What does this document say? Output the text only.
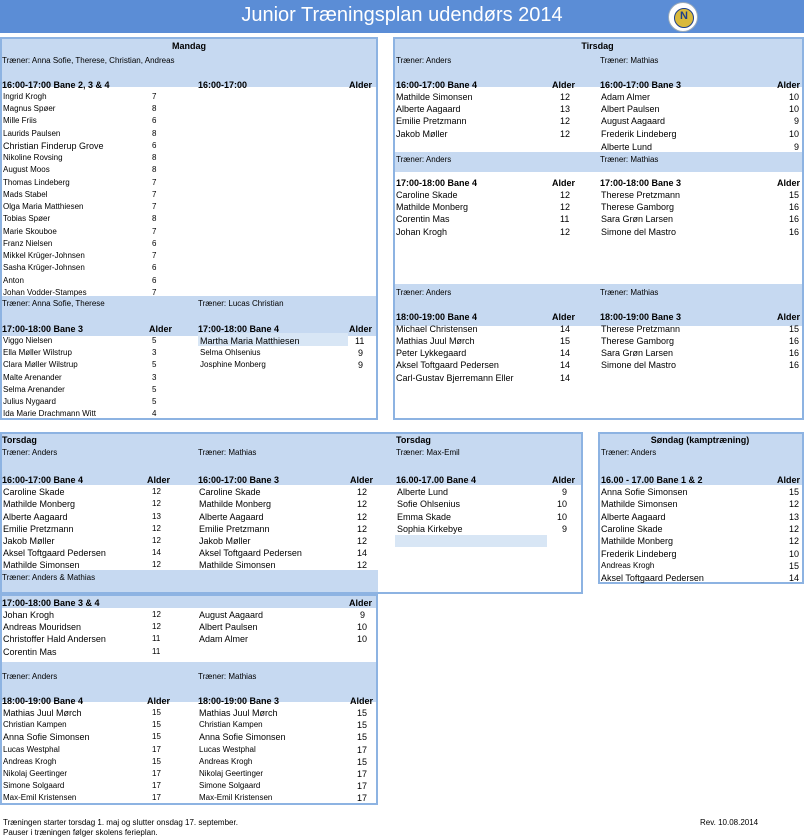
Junior Træningsplan udendørs 2014	N
Mandag
Træner: Anna Sofie, Therese, Christian, Andreas
16:00-17:00 Bane 2, 3 & 4	16:00-17:00	Alder
Ingrid Krogh	7
Magnus Spøer	8
Mille Friis	6
Laurids Paulsen	8
Christian Finderup Grove	6
Nikoline Rovsing	8
August Moos	8
Thomas Lindeberg	7
Mads Stabel	7
Olga Maria Matthiesen	7
Tobias Spøer	8
Marie Skouboe	7
Franz Nielsen	6
Mikkel Krüger-Johnsen	7
Sasha Krüger-Johnsen	6
Anton	6
Johan Vodder-Stampes	7
Træner: Anna Sofie, Therese	Træner: Lucas Christian
17:00-18:00 Bane 3	Alder	17:00-18:00 Bane 4	Alder
Viggo Nielsen	5
Ella Møller Wilstrup	3
Clara Møller Wilstrup	5
Malte Arenander	3
Selma Arenander	5
Julius Nygaard	5
Ida Marie Drachmann Witt	4
Martha Maria Matthiesen	11
Selma Ohlsenius	9
Josphine Monberg	9
Tirsdag
Træner: Anders	Træner: Mathias
16:00-17:00 Bane 4	Alder	16:00-17:00 Bane 3	Alder
Mathilde Simonsen	12
Alberte Aagaard	13
Emilie Pretzmann	12
Jakob Møller	12
Adam Almer	10
Albert Paulsen	10
August Aagaard	9
Frederik Lindeberg	10
Alberte Lund	9
Træner: Anders	Træner: Mathias
17:00-18:00 Bane 4	Alder	17:00-18:00 Bane 3	Alder
Caroline Skade	12
Mathilde Monberg	12
Corentin Mas	11
Johan Krogh	12
Therese Pretzmann	15
Therese Gamborg	16
Sara Grøn Larsen	16
Simone del Mastro	16
Træner: Anders	Træner: Mathias
18:00-19:00 Bane 4	Alder	18:00-19:00 Bane 3	Alder
Michael Christensen	14
Mathias Juul Mørch	15
Peter Lykkegaard	14
Aksel Toftgaard Pedersen	14
Carl-Gustav Bjerremann Eller	14
Therese Pretzmann	15
Therese Gamborg	16
Sara Grøn Larsen	16
Simone del Mastro	16
Torsdag	Torsdag
Træner: Anders	Træner: Mathias	Træner: Max-Emil
16:00-17:00 Bane 4	Alder	16:00-17:00 Bane 3	Alder	16.00-17.00 Bane 4	Alder
Caroline Skade	12
Mathilde Monberg	12
Alberte Aagaard	13
Emilie Pretzmann	12
Jakob Møller	12
Aksel Toftgaard Pedersen	14
Mathilde Simonsen	12
Caroline Skade	12
Mathilde Monberg	12
Alberte Aagaard	12
Emilie Pretzmann	12
Jakob Møller	12
Aksel Toftgaard Pedersen	14
Mathilde Simonsen	12
Alberte Lund	9
Sofie Ohlsenius	10
Emma Skade	10
Sophia Kirkebye	9
Træner: Anders & Mathias
Søndag (kamptræning)
Træner: Anders
16.00 - 17.00 Bane 1 & 2	Alder
Anna Sofie Simonsen	15
Mathilde Simonsen	12
Alberte Aagaard	13
Caroline Skade	12
Mathilde Monberg	12
Frederik Lindeberg	10
Andreas Krogh	15
Aksel Toftgaard Pedersen	14
17:00-18:00 Bane 3 & 4	Alder
Johan Krogh	12
Andreas Mouridsen	12
Christoffer Hald Andersen	11
Corentin Mas	11
August Aagaard	9
Albert Paulsen	10
Adam Almer	10
Træner: Anders	Træner: Mathias
18:00-19:00 Bane 4	Alder	18:00-19:00 Bane 3	Alder
Mathias Juul Mørch	15
Christian Kampen	15
Anna Sofie Simonsen	15
Lucas Westphal	17
Andreas Krogh	15
Nikolaj Geertinger	17
Simone Solgaard	17
Max-Emil Kristensen	17
Mathias Juul Mørch	15
Christian Kampen	15
Anna Sofie Simonsen	15
Lucas Westphal	17
Andreas Krogh	15
Nikolaj Geertinger	17
Simone Solgaard	17
Max-Emil Kristensen	17
Træningen starter torsdag 1. maj og slutter onsdag 17. september.
Pauser i træningen følger skolens ferieplan.
Rev. 10.08.2014
